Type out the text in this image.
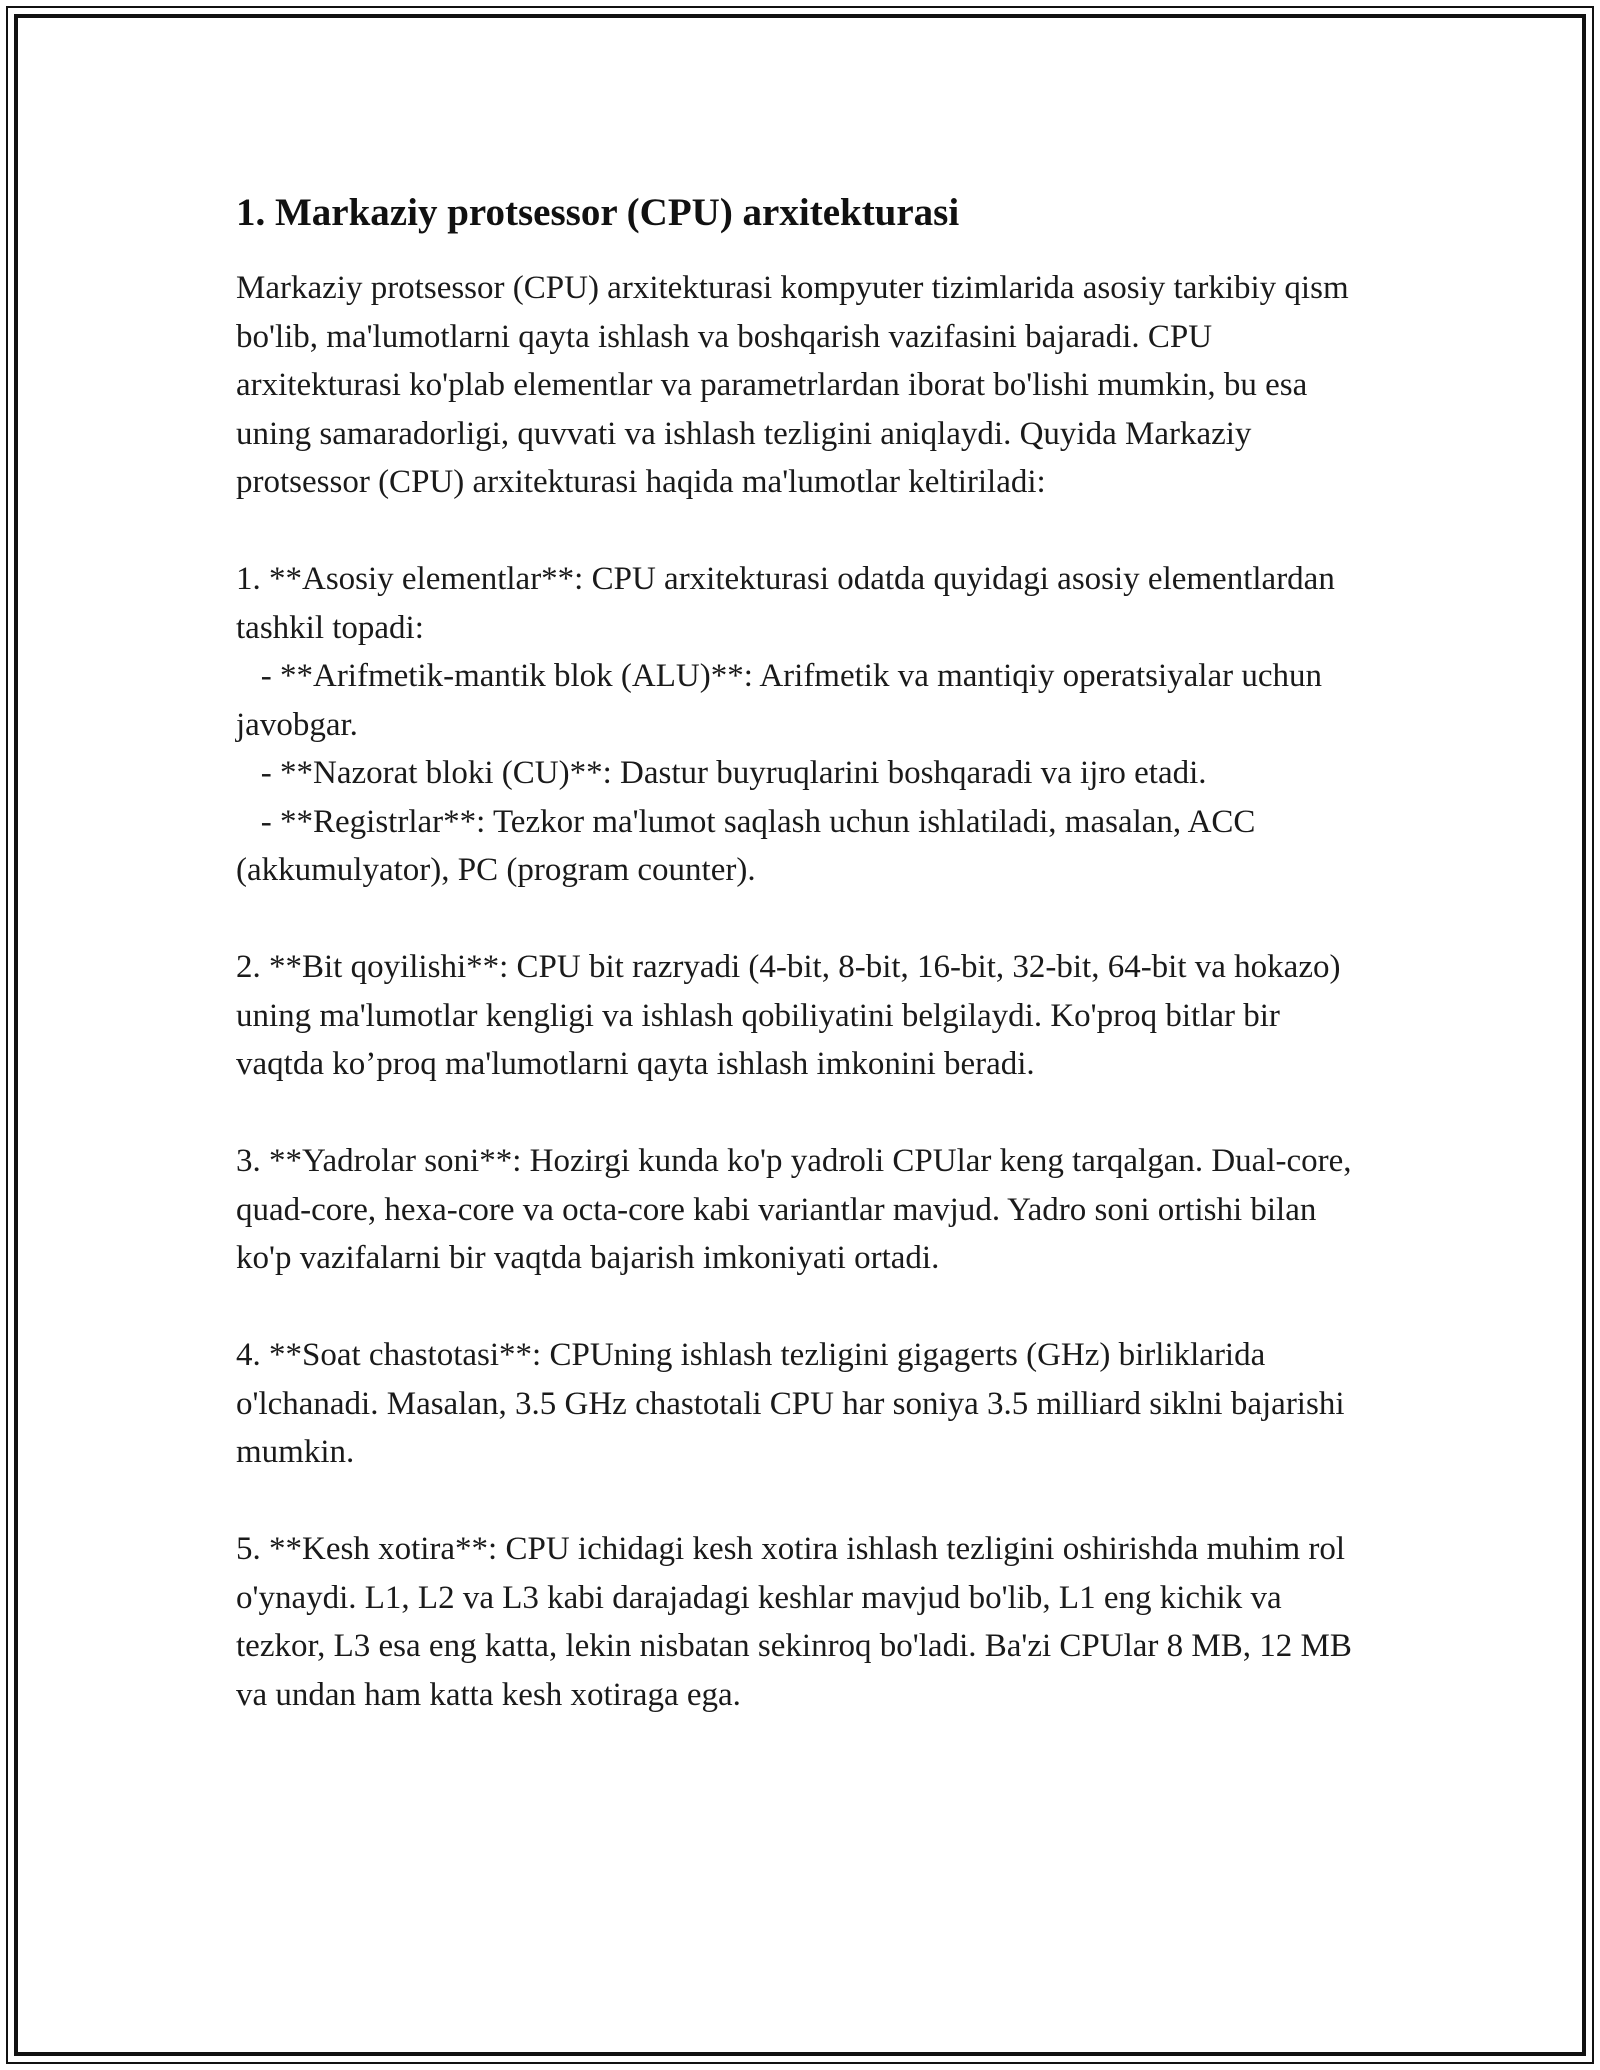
1. Markaziy protsessor (CPU) arxitekturasi

Markaziy protsessor (CPU) arxitekturasi kompyuter tizimlarida asosiy tarkibiy qism bo'lib, ma'lumotlarni qayta ishlash va boshqarish vazifasini bajaradi. CPU arxitekturasi ko'plab elementlar va parametrlardan iborat bo'lishi mumkin, bu esa uning samaradorligi, quvvati va ishlash tezligini aniqlaydi. Quyida Markaziy protsessor (CPU) arxitekturasi haqida ma'lumotlar keltiriladi:

1. **Asosiy elementlar**: CPU arxitekturasi odatda quyidagi asosiy elementlardan tashkil topadi:
- **Arifmetik-mantik blok (ALU)**: Arifmetik va mantiqiy operatsiyalar uchun javobgar.
- **Nazorat bloki (CU)**: Dastur buyruqlarini boshqaradi va ijro etadi.
- **Registrlar**: Tezkor ma'lumot saqlash uchun ishlatiladi, masalan, ACC (akkumulyator), PC (program counter).

2. **Bit qoyilishi**: CPU bit razryadi (4-bit, 8-bit, 16-bit, 32-bit, 64-bit va hokazo) uning ma'lumotlar kengligi va ishlash qobiliyatini belgilaydi. Ko'proq bitlar bir vaqtda ko’proq ma'lumotlarni qayta ishlash imkonini beradi.

3. **Yadrolar soni**: Hozirgi kunda ko'p yadroli CPUlar keng tarqalgan. Dual-core, quad-core, hexa-core va octa-core kabi variantlar mavjud. Yadro soni ortishi bilan ko'p vazifalarni bir vaqtda bajarish imkoniyati ortadi.

4. **Soat chastotasi**: CPUning ishlash tezligini gigagerts (GHz) birliklarida o'lchanadi. Masalan, 3.5 GHz chastotali CPU har soniya 3.5 milliard siklni bajarishi mumkin.

5. **Kesh xotira**: CPU ichidagi kesh xotira ishlash tezligini oshirishda muhim rol o'ynaydi. L1, L2 va L3 kabi darajadagi keshlar mavjud bo'lib, L1 eng kichik va tezkor, L3 esa eng katta, lekin nisbatan sekinroq bo'ladi. Ba'zi CPUlar 8 MB, 12 MB va undan ham katta kesh xotiraga ega.
